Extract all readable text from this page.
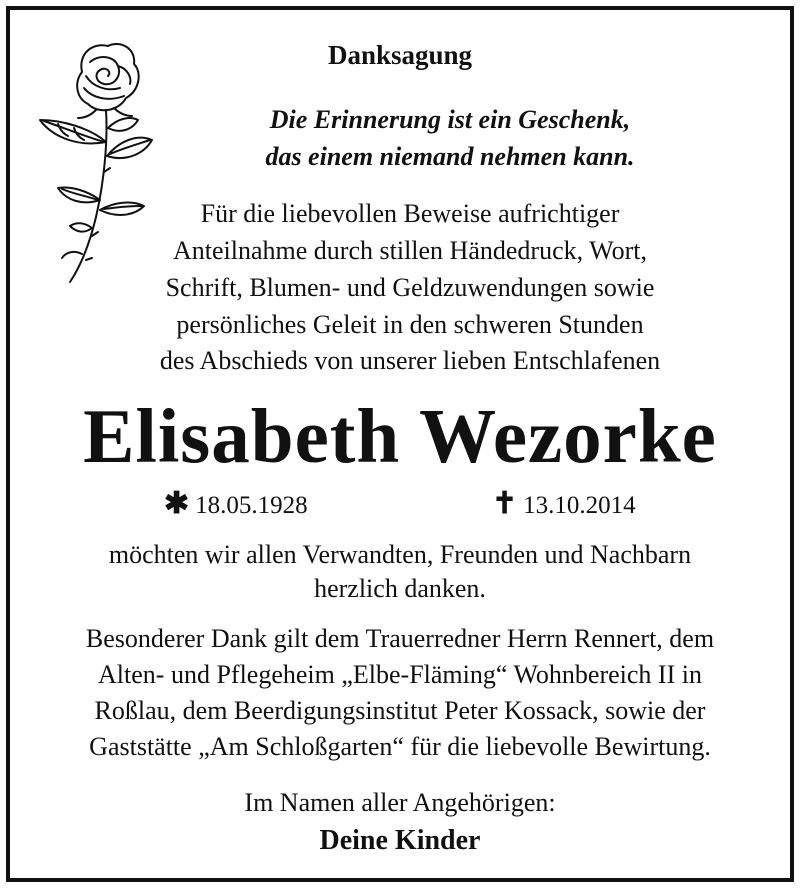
Danksagung
Die Erinnerung ist ein Geschenk,
das einem niemand nehmen kann.
Für die liebevollen Beweise aufrichtiger
Anteilnahme durch stillen Händedruck, Wort,
Schrift, Blumen- und Geldzuwendungen sowie
persönliches Geleit in den schweren Stunden
des Abschieds von unserer lieben Entschlafenen
Elisabeth Wezorke
✱ 18.05.1928	✝ 13.10.2014
möchten wir allen Verwandten, Freunden und Nachbarn
herzlich danken.
Besonderer Dank gilt dem Trauerredner Herrn Rennert, dem
Alten- und Pflegeheim „Elbe-Fläming“ Wohnbereich II in
Roßlau, dem Beerdigungsinstitut Peter Kossack, sowie der
Gaststätte „Am Schloßgarten“ für die liebevolle Bewirtung.
Im Namen aller Angehörigen:
Deine Kinder
